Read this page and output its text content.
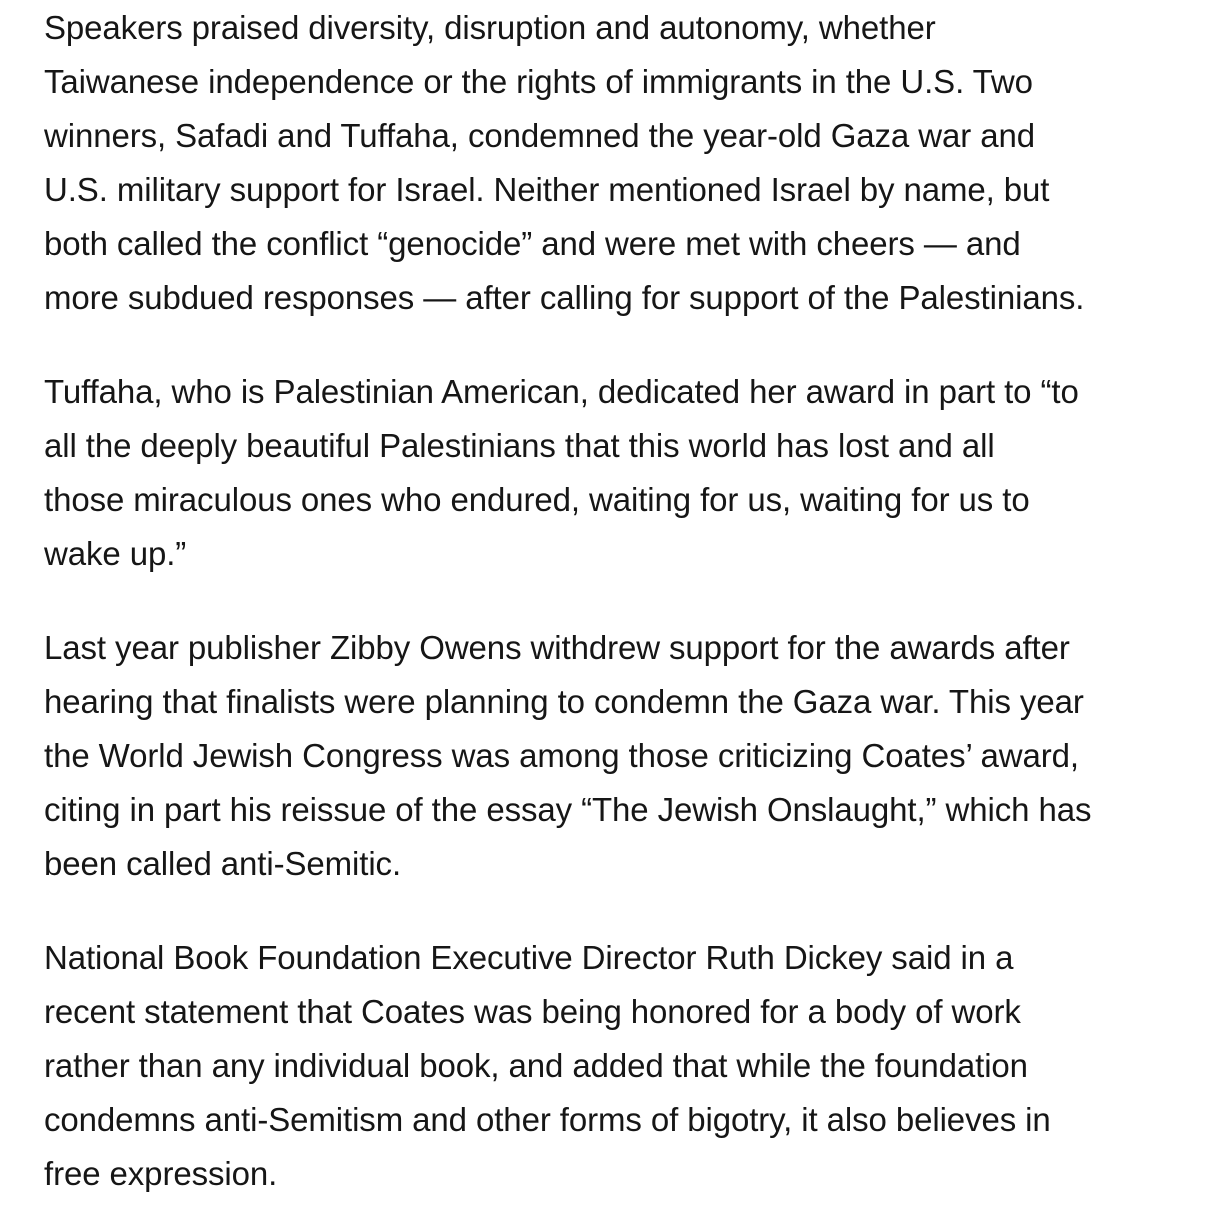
Speakers praised diversity, disruption and autonomy, whether
Taiwanese independence or the rights of immigrants in the U.S. Two
winners, Safadi and Tuffaha, condemned the year-old Gaza war and
U.S. military support for Israel. Neither mentioned Israel by name, but
both called the conflict “genocide” and were met with cheers — and
more subdued responses — after calling for support of the Palestinians.

Tuffaha, who is Palestinian American, dedicated her award in part to “to
all the deeply beautiful Palestinians that this world has lost and all
those miraculous ones who endured, waiting for us, waiting for us to
wake up.”

Last year publisher Zibby Owens withdrew support for the awards after
hearing that finalists were planning to condemn the Gaza war. This year
the World Jewish Congress was among those criticizing Coates’ award,
citing in part his reissue of the essay “The Jewish Onslaught,” which has
been called anti-Semitic.

National Book Foundation Executive Director Ruth Dickey said in a
recent statement that Coates was being honored for a body of work
rather than any individual book, and added that while the foundation
condemns anti-Semitism and other forms of bigotry, it also believes in
free expression.
